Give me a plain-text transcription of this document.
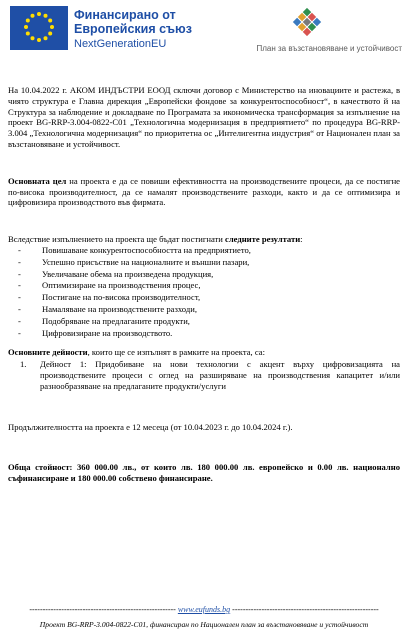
Финансирано от
Европейския съюз
NextGenerationEU	План за възстановяване и устойчивост

На 10.04.2022 г. АКОМ ИНДЪСТРИ ЕООД сключи договор с Министерство на иновациите и растежа, в чиято структура е Главна дирекция „Европейски фондове за конкурентоспособност“, в качеството й на Структура за наблюдение и докладване по Програмата за икономическа трансформация за изпълнение на проект BG-RRP-3.004-0822-C01 „Технологична модернизация в предприятието“ по процедура BG-RRP-3.004 „Технологична модернизация“ по приоритетна ос „Интелигентна индустрия“ от Национален план за възстановяване и устойчивост.

Основната цел на проекта е да се повиши ефективността на производствените процеси, да се постигне по-висока производителност, да се намалят производствените разходи, както и да се оптимизира и цифровизира производството във фирмата.

Вследствие изпълнението на проекта ще бъдат постигнати следните резултати:

- Повишаване конкурентоспособността на предприятието,
- Успешно присъствие на националните и външни пазари,
- Увеличаване обема на произведена продукция,
- Оптимизиране на производствения процес,
- Постигане на по-висока производителност,
- Намаляване на производствените разходи,
- Подобряване на предлаганите продукти,
- Цифровизиране на производството.

Основните дейности, които ще се изпълнят в рамките на проекта, са:

1. Дейност 1: Придобиване на нови технологии с акцент върху цифровизацията на производствените процеси с оглед на разширяване на производствения капацитет и/или разнообразяване на предлаганите продукти/услуги

Продължителността на проекта е 12 месеца (от 10.04.2023 г. до 10.04.2024 г.).

Обща стойност: 360 000.00 лв., от които лв. 180 000.00 лв. европейско и 0.00 лв. национално съфинансиране и 180 000.00 собствено финансиране.

------------------------------------------------------- www.eufunds.bg -------------------------------------------------------
Проект BG-RRP-3.004-0822-C01, финансиран по Националeн план за възстановяване и устойчивост
